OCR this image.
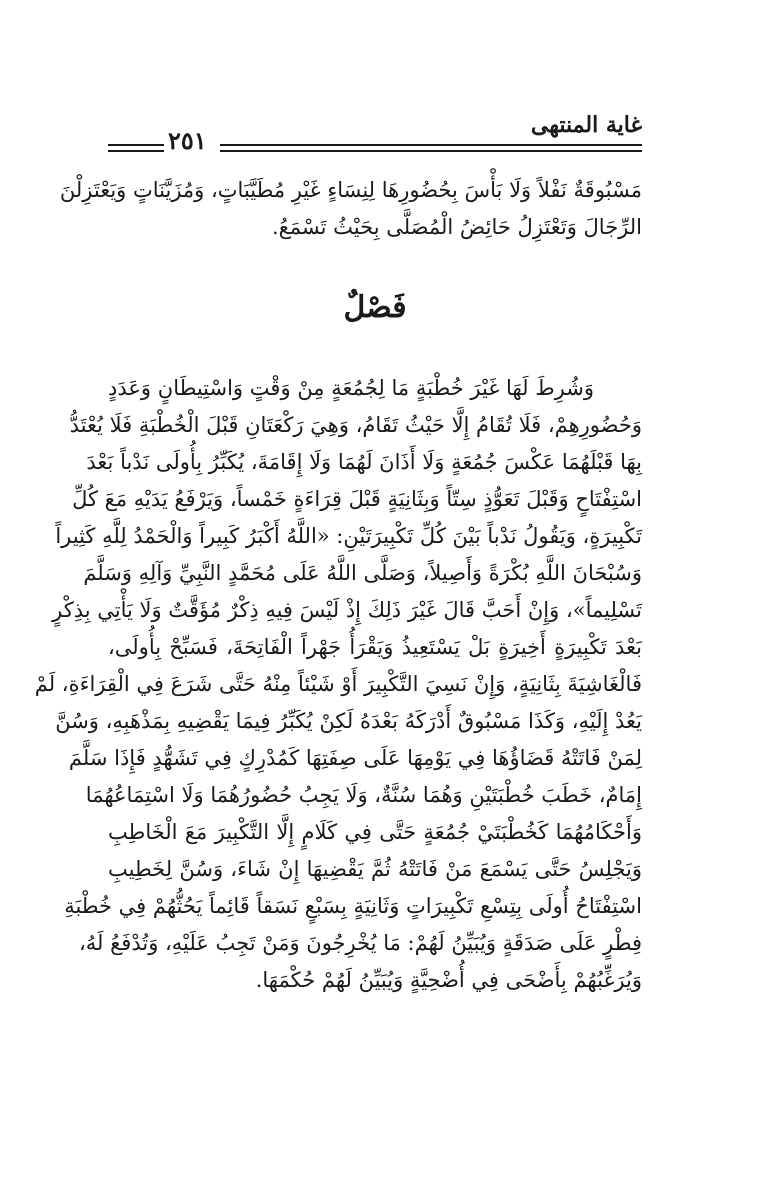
غاية المنتهى
٢٥١
مَسْبُوقَةٌ نَفْلاً وَلَا بَأْسَ بِحُضُورِهَا لِنِسَاءٍ غَيْرِ مُطَيَّبَاتٍ، وَمُزَيَّنَاتٍ وَيَعْتَزِلْنَ
الرِّجَالَ وَتَعْتَزِلُ حَائِضُ الْمُصَلَّى بِحَيْثُ تَسْمَعُ.
فَصْلٌ
وَشُرِطَ لَهَا غَيْرَ خُطْبَةٍ مَا لِجُمُعَةٍ مِنْ وَقْتٍ وَاسْتِيطَانٍ وَعَدَدٍ
وَحُضُورِهِمْ، فَلَا تُقَامُ إِلَّا حَيْثُ تَقَامُ، وَهِيَ رَكْعَتَانِ قَبْلَ الْخُطْبَةِ فَلَا يُعْتَدُّ
بِهَا قَبْلَهُمَا عَكْسَ جُمُعَةٍ وَلَا أَذَانَ لَهُمَا وَلَا إِقَامَةَ، يُكَبِّرُ بِأُولَى نَدْباً بَعْدَ
اسْتِفْتَاحٍ وَقَبْلَ تَعَوُّذٍ سِتّاً وَبِثَانِيَةٍ قَبْلَ قِرَاءَةٍ خَمْساً، وَيَرْفَعُ يَدَيْهِ مَعَ كُلِّ
تَكْبِيرَةٍ، وَيَقُولُ نَدْباً بَيْنَ كُلِّ تَكْبِيرَتَيْنِ: «اللَّهُ أَكْبَرُ كَبِيراً وَالْحَمْدُ لِلَّهِ كَثِيراً
وَسُبْحَانَ اللَّهِ بُكْرَةً وَأَصِيلاً، وَصَلَّى اللَّهُ عَلَى مُحَمَّدٍ النَّبِيِّ وَآلِهِ وَسَلَّمَ
تَسْلِيماً»، وَإِنْ أَحَبَّ قَالَ غَيْرَ ذَلِكَ إِذْ لَيْسَ فِيهِ ذِكْرٌ مُؤَقَّتٌ وَلَا يَأْتِي بِذِكْرٍ
بَعْدَ تَكْبِيرَةٍ أَخِيرَةٍ بَلْ يَسْتَعِيذُ وَيَقْرَأُ جَهْراً الْفَاتِحَةَ، فَسَبِّحْ بِأُولَى،
فَالْغَاشِيَةَ بِثَانِيَةٍ، وَإِنْ نَسِيَ التَّكْبِيرَ أَوْ شَيْئاً مِنْهُ حَتَّى شَرَعَ فِي الْقِرَاءَةِ، لَمْ
يَعُدْ إِلَيْهِ، وَكَذَا مَسْبُوقٌ أَدْرَكَهُ بَعْدَهُ لَكِنْ يُكَبِّرُ فِيمَا يَقْضِيهِ بِمَذْهَبِهِ، وَسُنَّ
لِمَنْ فَاتَتْهُ قَضَاؤُهَا فِي يَوْمِهَا عَلَى صِفَتِهَا كَمُدْرِكٍ فِي تَشَهُّدٍ فَإِذَا سَلَّمَ
إِمَامٌ، خَطَبَ خُطْبَتَيْنِ وَهُمَا سُنَّةٌ، وَلَا يَجِبُ حُضُورُهُمَا وَلَا اسْتِمَاعُهُمَا
وَأَحْكَامُهُمَا كَخُطْبَتَيْ جُمُعَةٍ حَتَّى فِي كَلَامٍ إِلَّا التَّكْبِيرَ مَعَ الْخَاطِبِ
وَيَجْلِسُ حَتَّى يَسْمَعَ مَنْ فَاتَتْهُ ثُمَّ يَقْضِيهَا إِنْ شَاءَ، وَسُنَّ لِخَطِيبِ
اسْتِفْتَاحُ أُولَى بِتِسْعِ تَكْبِيرَاتٍ وَثَانِيَةٍ بِسَبْعٍ نَسَقاً قَائِماً يَحُثُّهُمْ فِي خُطْبَةِ
فِطْرٍ عَلَى صَدَقَةٍ وَيُبَيِّنُ لَهُمْ: مَا يُخْرِجُونَ وَمَنْ تَجِبُ عَلَيْهِ، وَتُدْفَعُ لَهُ،
وَيُرَغِّبُهُمْ بِأَضْحَى فِي أُضْحِيَّةٍ وَيُبَيِّنُ لَهُمْ حُكْمَهَا.
